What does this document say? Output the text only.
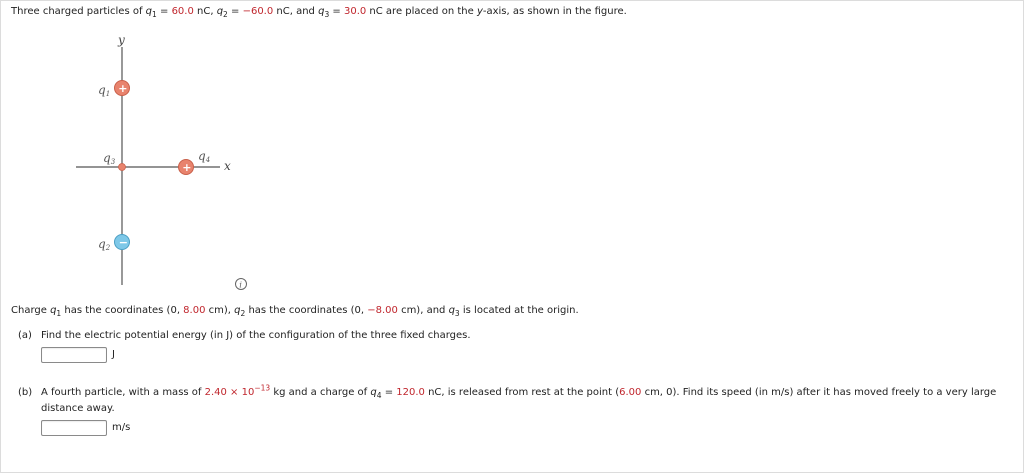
Three charged particles of $q_1 = 60.0$ nC, $q_2 = -60.0$ nC, and $q_3 = 30.0$ nC are placed on the y-axis, as shown in the figure.
y
x
+
q1
q3
−
q2
+
q4
i
Charge $q_1$ has the coordinates (0, 8.00 cm), $q_2$ has the coordinates (0, −8.00 cm), and $q_3$ is located at the origin.
(a) Find the electric potential energy (in J) of the configuration of the three fixed charges.
J
(b) A fourth particle, with a mass of $2.40 \times 10^{-13}$ kg and a charge of $q_4 = 120.0$ nC, is released from rest at the point (6.00 cm, 0). Find its speed (in m/s) after it has moved freely to a very large
distance away.
m/s
